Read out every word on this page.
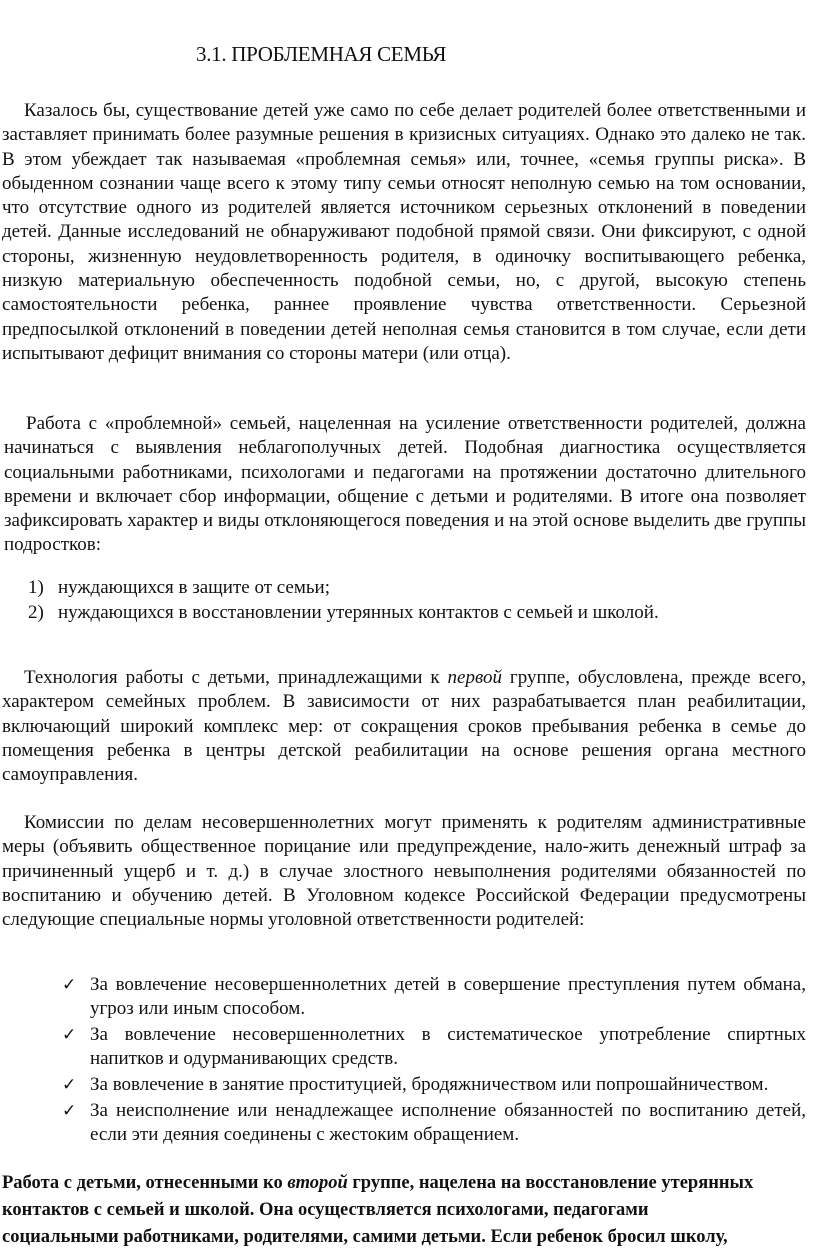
3.1. ПРОБЛЕМНАЯ СЕМЬЯ

Казалось бы, существование детей уже само по себе делает родителей более ответственными и заставляет принимать более разумные решения в кризисных ситуациях. Однако это далеко не так. В этом убеждает так называемая «проблемная семья» или, точнее, «семья группы риска». В обыденном сознании чаще всего к этому типу семьи относят неполную семью на том основании, что отсутствие одного из родителей является источником серьезных отклонений в поведении детей. Данные исследований не обнаруживают подобной прямой связи. Они фиксируют, с одной стороны, жизненную неудовлетворенность родителя, в одиночку воспитывающего ребенка, низкую материальную обеспеченность подобной семьи, но, с другой, высокую степень самостоятельности ребенка, раннее проявление чувства ответственности. Серьезной предпосылкой отклонений в поведении детей неполная семья становится в том случае, если дети испытывают дефицит внимания со стороны матери (или отца).

Работа с «проблемной» семьей, нацеленная на усиление ответственности родителей, должна начинаться с выявления неблагополучных детей. Подобная диагностика осуществляется социальными работниками, психологами и педагогами на протяжении достаточно длительного времени и включает сбор информации, общение с детьми и родителями. В итоге она позволяет зафиксировать характер и виды отклоняющегося поведения и на этой основе выделить две группы подростков:

1) нуждающихся в защите от семьи;
2) нуждающихся в восстановлении утерянных контактов с семьей и школой.

Технология работы с детьми, принадлежащими к первой группе, обусловлена, прежде всего, характером семейных проблем. В зависимости от них разрабатывается план реабилитации, включающий широкий комплекс мер: от сокращения сроков пребывания ребенка в семье до помещения ребенка в центры детской реабилитации на основе решения органа местного самоуправления.

Комиссии по делам несовершеннолетних могут применять к родителям административные меры (объявить общественное порицание или предупреждение, нало-жить денежный штраф за причиненный ущерб и т. д.) в случае злостного невыполнения родителями обязанностей по воспитанию и обучению детей. В Уголовном кодексе Российской Федерации предусмотрены следующие специальные нормы уголовной ответственности родителей:

✓ За вовлечение несовершеннолетних детей в совершение преступления путем обмана, угроз или иным способом.
✓ За вовлечение несовершеннолетних в систематическое употребление спиртных напитков и одурманивающих средств.
✓ За вовлечение в занятие проституцией, бродяжничеством или попрошайничеством.
✓ За неисполнение или ненадлежащее исполнение обязанностей по воспитанию детей, если эти деяния соединены с жестоким обращением.
Работа с детьми, отнесенными ко второй группе, нацелена на восстановление утерянных
контактов с семьей и школой. Она осуществляется психологами, педагогами
социальными работниками, родителями, самими детьми. Если ребенок бросил школу,
